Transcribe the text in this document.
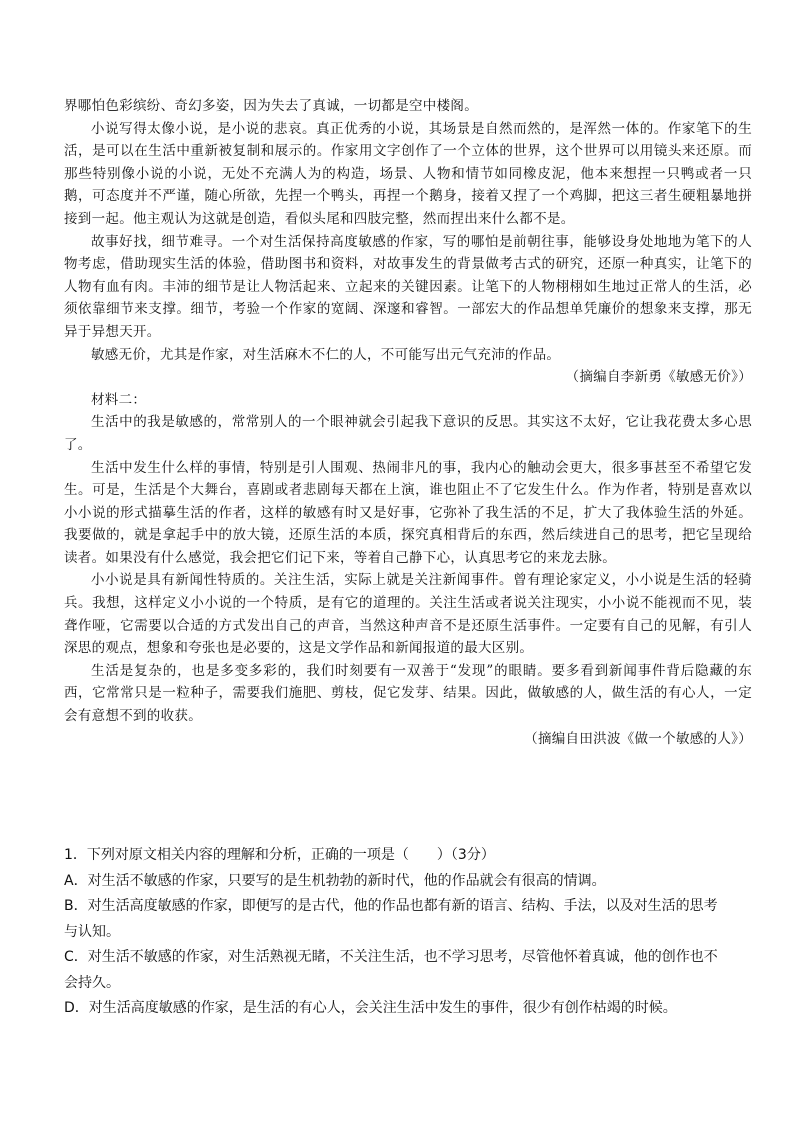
界哪怕色彩缤纷、奇幻多姿，因为失去了真诚，一切都是空中楼阁。

小说写得太像小说，是小说的悲哀。真正优秀的小说，其场景是自然而然的，是浑然一体的。作家笔下的生活，是可以在生活中重新被复制和展示的。作家用文字创作了一个立体的世界，这个世界可以用镜头来还原。而那些特别像小说的小说，无处不充满人为的构造，场景、人物和情节如同橡皮泥，他本来想捏一只鸭或者一只鹅，可态度并不严谨，随心所欲，先捏一个鸭头，再捏一个鹅身，接着又捏了一个鸡脚，把这三者生硬粗暴地拼接到一起。他主观认为这就是创造，看似头尾和四肢完整，然而捏出来什么都不是。

故事好找，细节难寻。一个对生活保持高度敏感的作家，写的哪怕是前朝往事，能够设身处地地为笔下的人物考虑，借助现实生活的体验，借助图书和资料，对故事发生的背景做考古式的研究，还原一种真实，让笔下的人物有血有肉。丰沛的细节是让人物活起来、立起来的关键因素。让笔下的人物栩栩如生地过正常人的生活，必须依靠细节来支撑。细节，考验一个作家的宽阔、深邃和睿智。一部宏大的作品想单凭廉价的想象来支撑，那无异于异想天开。

敏感无价，尤其是作家，对生活麻木不仁的人，不可能写出元气充沛的作品。

（摘编自李新勇《敏感无价》）

材料二：

生活中的我是敏感的，常常别人的一个眼神就会引起我下意识的反思。其实这不太好，它让我花费太多心思了。

生活中发生什么样的事情，特别是引人围观、热闹非凡的事，我内心的触动会更大，很多事甚至不希望它发生。可是，生活是个大舞台，喜剧或者悲剧每天都在上演，谁也阻止不了它发生什么。作为作者，特别是喜欢以小小说的形式描摹生活的作者，这样的敏感有时又是好事，它弥补了我生活的不足，扩大了我体验生活的外延。我要做的，就是拿起手中的放大镜，还原生活的本质，探究真相背后的东西，然后续进自己的思考，把它呈现给读者。如果没有什么感觉，我会把它们记下来，等着自己静下心，认真思考它的来龙去脉。

小小说是具有新闻性特质的。关注生活，实际上就是关注新闻事件。曾有理论家定义，小小说是生活的轻骑兵。我想，这样定义小小说的一个特质，是有它的道理的。关注生活或者说关注现实，小小说不能视而不见，装聋作哑，它需要以合适的方式发出自己的声音，当然这种声音不是还原生活事件。一定要有自己的见解，有引人深思的观点，想象和夸张也是必要的，这是文学作品和新闻报道的最大区别。

生活是复杂的，也是多变多彩的，我们时刻要有一双善于“发现”的眼睛。要多看到新闻事件背后隐藏的东西，它常常只是一粒种子，需要我们施肥、剪枝，促它发芽、结果。因此，做敏感的人，做生活的有心人，一定会有意想不到的收获。

（摘编自田洪波《做一个敏感的人》）

1．下列对原文相关内容的理解和分析，正确的一项是（　　）（3分）

A．对生活不敏感的作家，只要写的是生机勃勃的新时代，他的作品就会有很高的情调。

B．对生活高度敏感的作家，即便写的是古代，他的作品也都有新的语言、结构、手法，以及对生活的思考与认知。

C．对生活不敏感的作家，对生活熟视无睹，不关注生活，也不学习思考，尽管他怀着真诚，他的创作也不会持久。

D．对生活高度敏感的作家，是生活的有心人，会关注生活中发生的事件，很少有创作枯竭的时候。
